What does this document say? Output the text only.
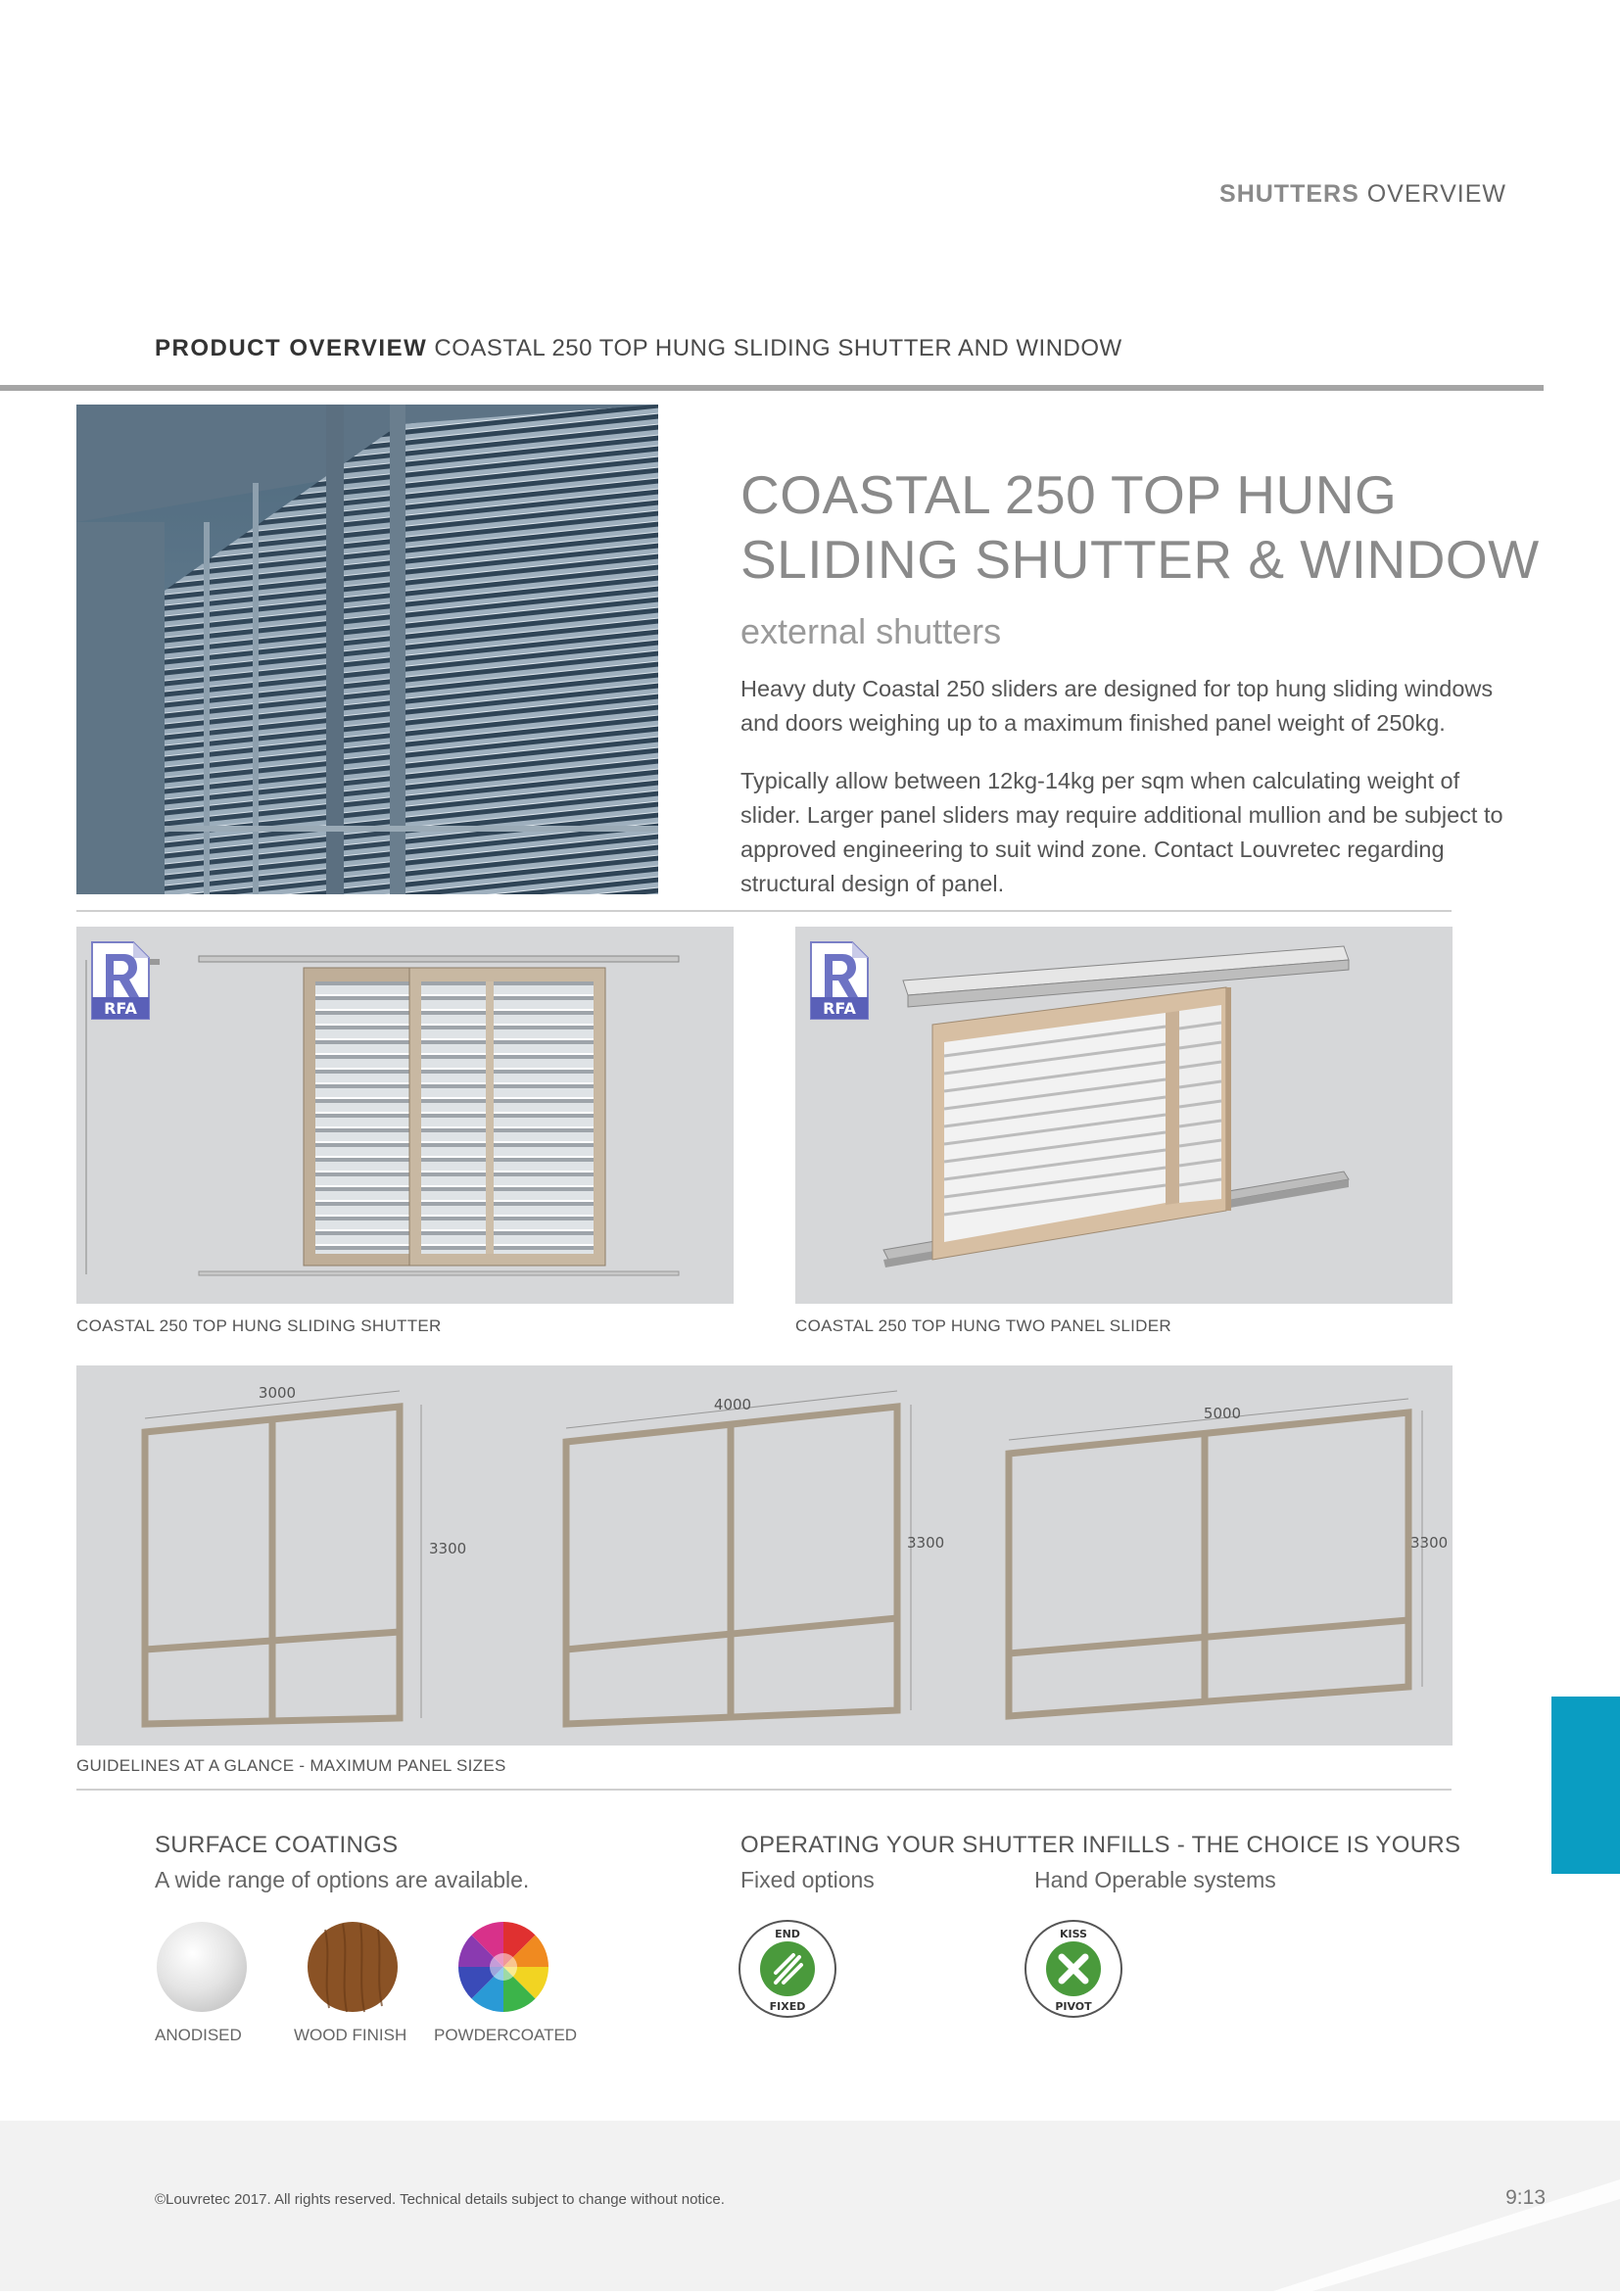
SHUTTERS OVERVIEW
PRODUCT OVERVIEW COASTAL 250 TOP HUNG SLIDING SHUTTER AND WINDOW
COASTAL 250 TOP HUNG
SLIDING SHUTTER & WINDOW
external shutters
Heavy duty Coastal 250 sliders are designed for top hung sliding windows and doors weighing up to a maximum finished panel weight of 250kg.
Typically allow between 12kg-14kg per sqm when calculating weight of slider. Larger panel sliders may require additional mullion and be subject to approved engineering to suit wind zone. Contact Louvretec regarding structural design of panel.
RFA
COASTAL 250 TOP HUNG SLIDING SHUTTER
RFA
COASTAL 250 TOP HUNG TWO PANEL SLIDER
3000
3300
4000
3300
5000
3300
GUIDELINES AT A GLANCE - MAXIMUM PANEL SIZES
SURFACE COATINGS
A wide range of options are available.
ANODISED	WOOD FINISH POWDERCOATED
OPERATING YOUR SHUTTER INFILLS - THE CHOICE IS YOURS
Fixed options	Hand Operable systems
END
FIXED
KISS
PIVOT
©Louvretec 2017. All rights reserved. Technical details subject to change without notice.	9:13
